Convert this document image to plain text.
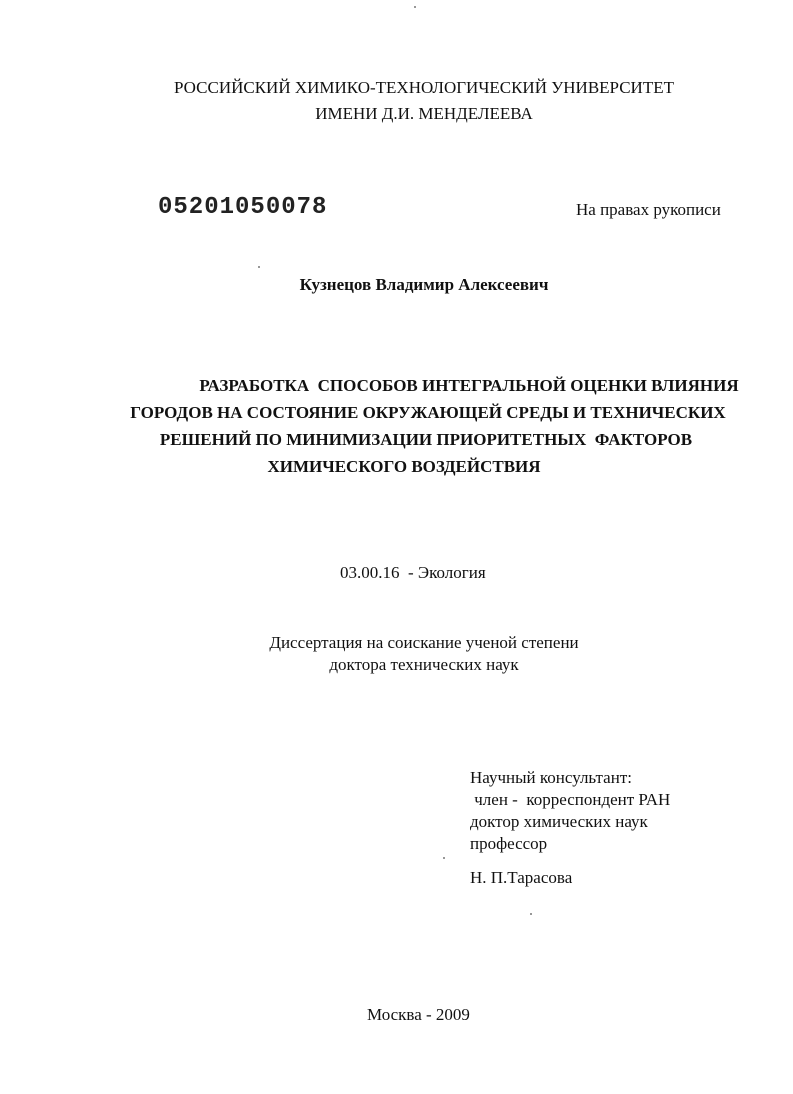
РОССИЙСКИЙ ХИМИКО-ТЕХНОЛОГИЧЕСКИЙ УНИВЕРСИТЕТ
ИМЕНИ Д.И. МЕНДЕЛЕЕВА
05201050078	На правах рукописи
Кузнецов Владимир Алексеевич
РАЗРАБОТКА  СПОСОБОВ ИНТЕГРАЛЬНОЙ ОЦЕНКИ ВЛИЯНИЯ
ГОРОДОВ НА СОСТОЯНИЕ ОКРУЖАЮЩЕЙ СРЕДЫ И ТЕХНИЧЕСКИХ
РЕШЕНИЙ ПО МИНИМИЗАЦИИ ПРИОРИТЕТНЫХ  ФАКТОРОВ
ХИМИЧЕСКОГО ВОЗДЕЙСТВИЯ
03.00.16  - Экология
Диссертация на соискание ученой степени
доктора технических наук
Научный консультант:
член -  корреспондент РАН
доктор химических наук
профессор
Н. П.Тарасова
Москва - 2009
